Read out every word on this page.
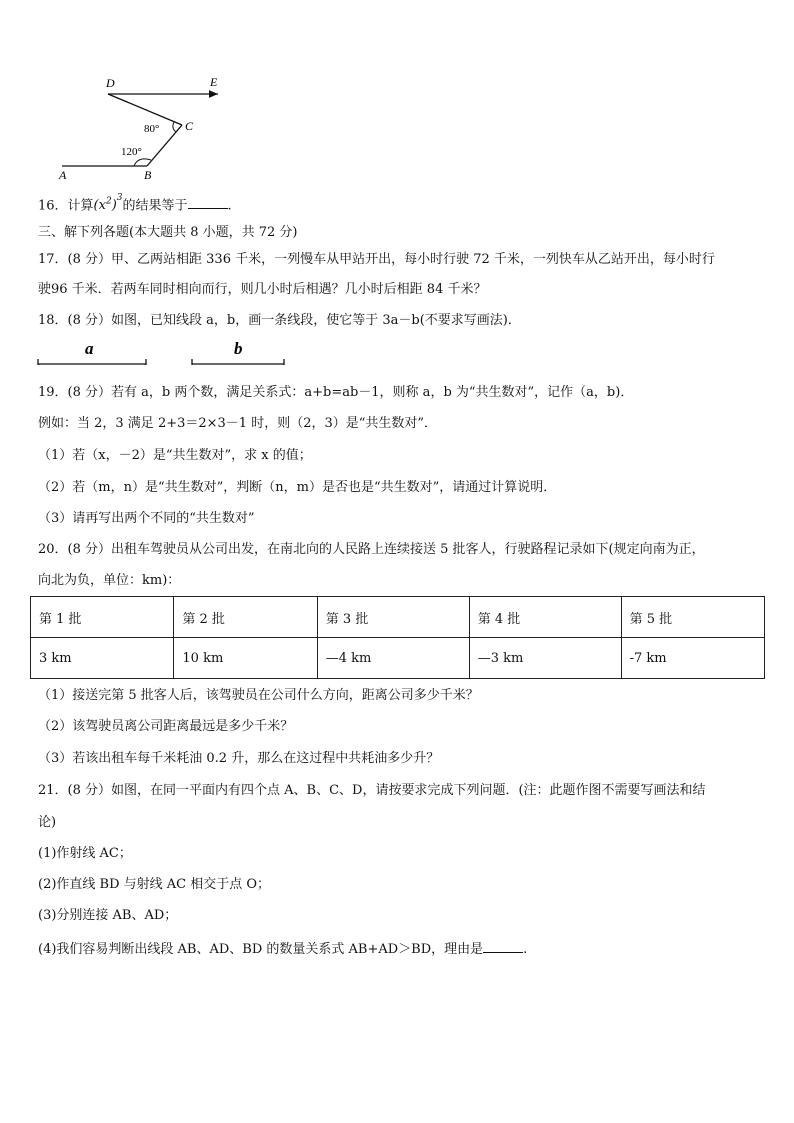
D	E
C
A	B
80°
120°
16．计算$(x^2)^3$的结果等于	.
三、解下列各题(本大题共 8 小题，共 72 分)
17．(8 分）甲、乙两站相距 336 千米，一列慢车从甲站开出，每小时行驶 72 千米，一列快车从乙站开出，每小时行
驶96 千米．若两车同时相向而行，则几小时后相遇？几小时后相距 84 千米？
18．(8 分）如图，已知线段 a，b，画一条线段，使它等于 3a－b(不要求写画法)．
a	b
19．(8 分）若有 a，b 两个数，满足关系式：a+b=ab－1，则称 a，b 为“共生数对”，记作（a，b)．
例如：当 2，3 满足 2+3＝2×3－1 时，则（2，3）是“共生数对”．
（1）若（x，－2）是“共生数对”，求 x 的值；
（2）若（m，n）是“共生数对”，判断（n，m）是否也是“共生数对”，请通过计算说明．
（3）请再写出两个不同的“共生数对”
20．(8 分）出租车驾驶员从公司出发，在南北向的人民路上连续接送 5 批客人，行驶路程记录如下(规定向南为正，
向北为负，单位：km)：
第 1 批	第 2 批	第 3 批	第 4 批	第 5 批
3 km	10 km	—4 km	—3 km	-7 km
（1）接送完第 5 批客人后，该驾驶员在公司什么方向，距离公司多少千米？
（2）该驾驶员离公司距离最远是多少千米？
（3）若该出租车每千米耗油 0.2 升，那么在这过程中共耗油多少升？
21．(8 分）如图，在同一平面内有四个点 A、B、C、D，请按要求完成下列问题．(注：此题作图不需要写画法和结
论)
(1)作射线 AC；
(2)作直线 BD 与射线 AC 相交于点 O；
(3)分别连接 AB、AD；
(4)我们容易判断出线段 AB、AD、BD 的数量关系式 AB+AD＞BD，理由是	.
